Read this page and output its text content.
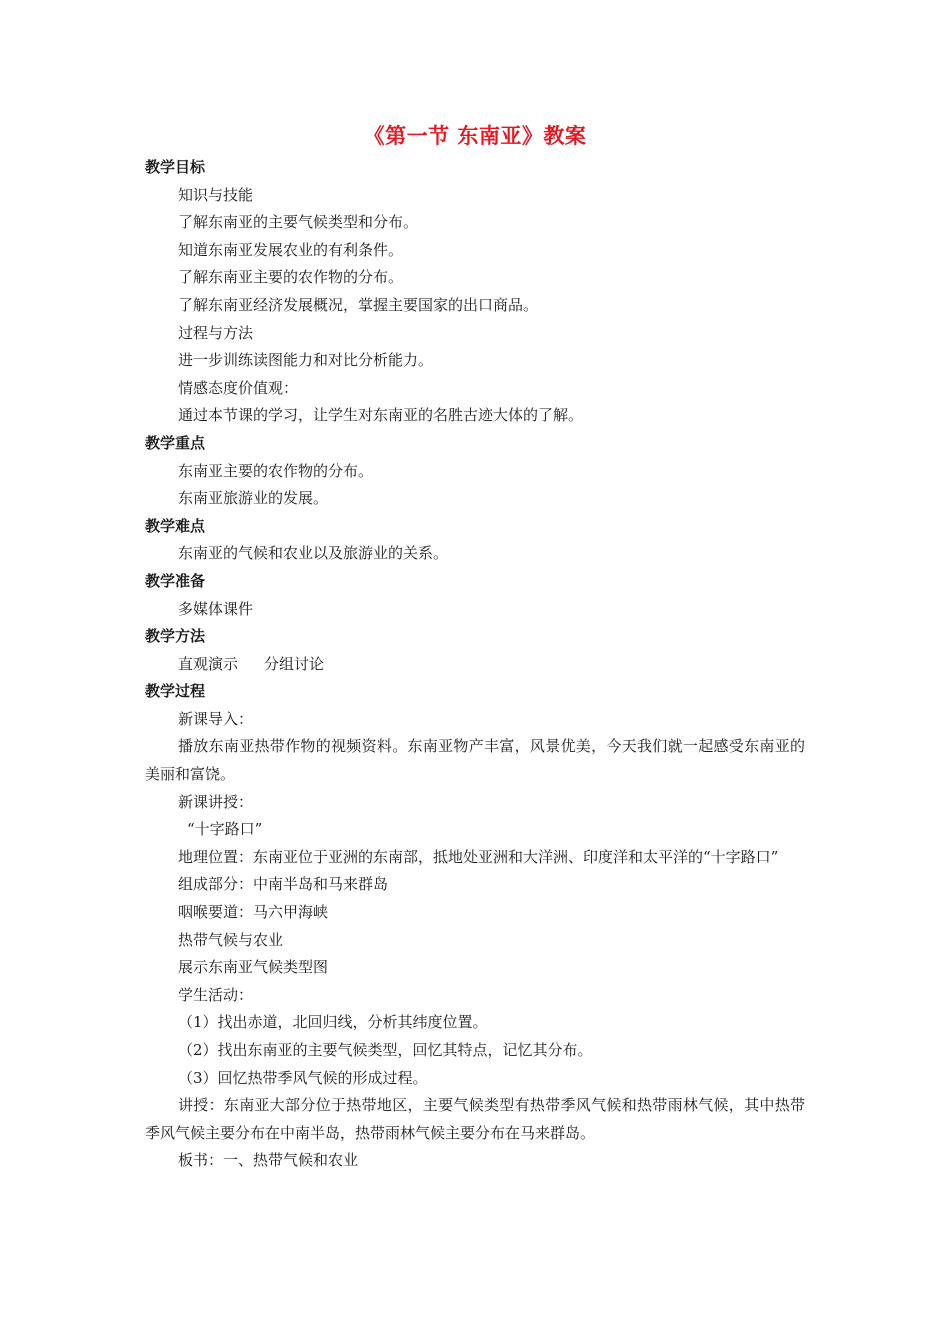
《第一节 东南亚》教案
教学目标
知识与技能
了解东南亚的主要气候类型和分布。
知道东南亚发展农业的有利条件。
了解东南亚主要的农作物的分布。
了解东南亚经济发展概况，掌握主要国家的出口商品。
过程与方法
进一步训练读图能力和对比分析能力。
情感态度价值观：
通过本节课的学习，让学生对东南亚的名胜古迹大体的了解。
教学重点
东南亚主要的农作物的分布。
东南亚旅游业的发展。
教学难点
东南亚的气候和农业以及旅游业的关系。
教学准备
多媒体课件
教学方法
直观演示 分组讨论
教学过程
新课导入：
播放东南亚热带作物的视频资料。东南亚物产丰富，风景优美，今天我们就一起感受东南亚的美丽和富饶。
新课讲授：
“十字路口”
地理位置：东南亚位于亚洲的东南部，抵地处亚洲和大洋洲、印度洋和太平洋的“十字路口”
组成部分：中南半岛和马来群岛
咽喉要道：马六甲海峡
热带气候与农业
展示东南亚气候类型图
学生活动：
（1）找出赤道，北回归线，分析其纬度位置。
（2）找出东南亚的主要气候类型，回忆其特点，记忆其分布。
（3）回忆热带季风气候的形成过程。
讲授：东南亚大部分位于热带地区，主要气候类型有热带季风气候和热带雨林气候，其中热带季风气候主要分布在中南半岛，热带雨林气候主要分布在马来群岛。
板书：一、热带气候和农业
